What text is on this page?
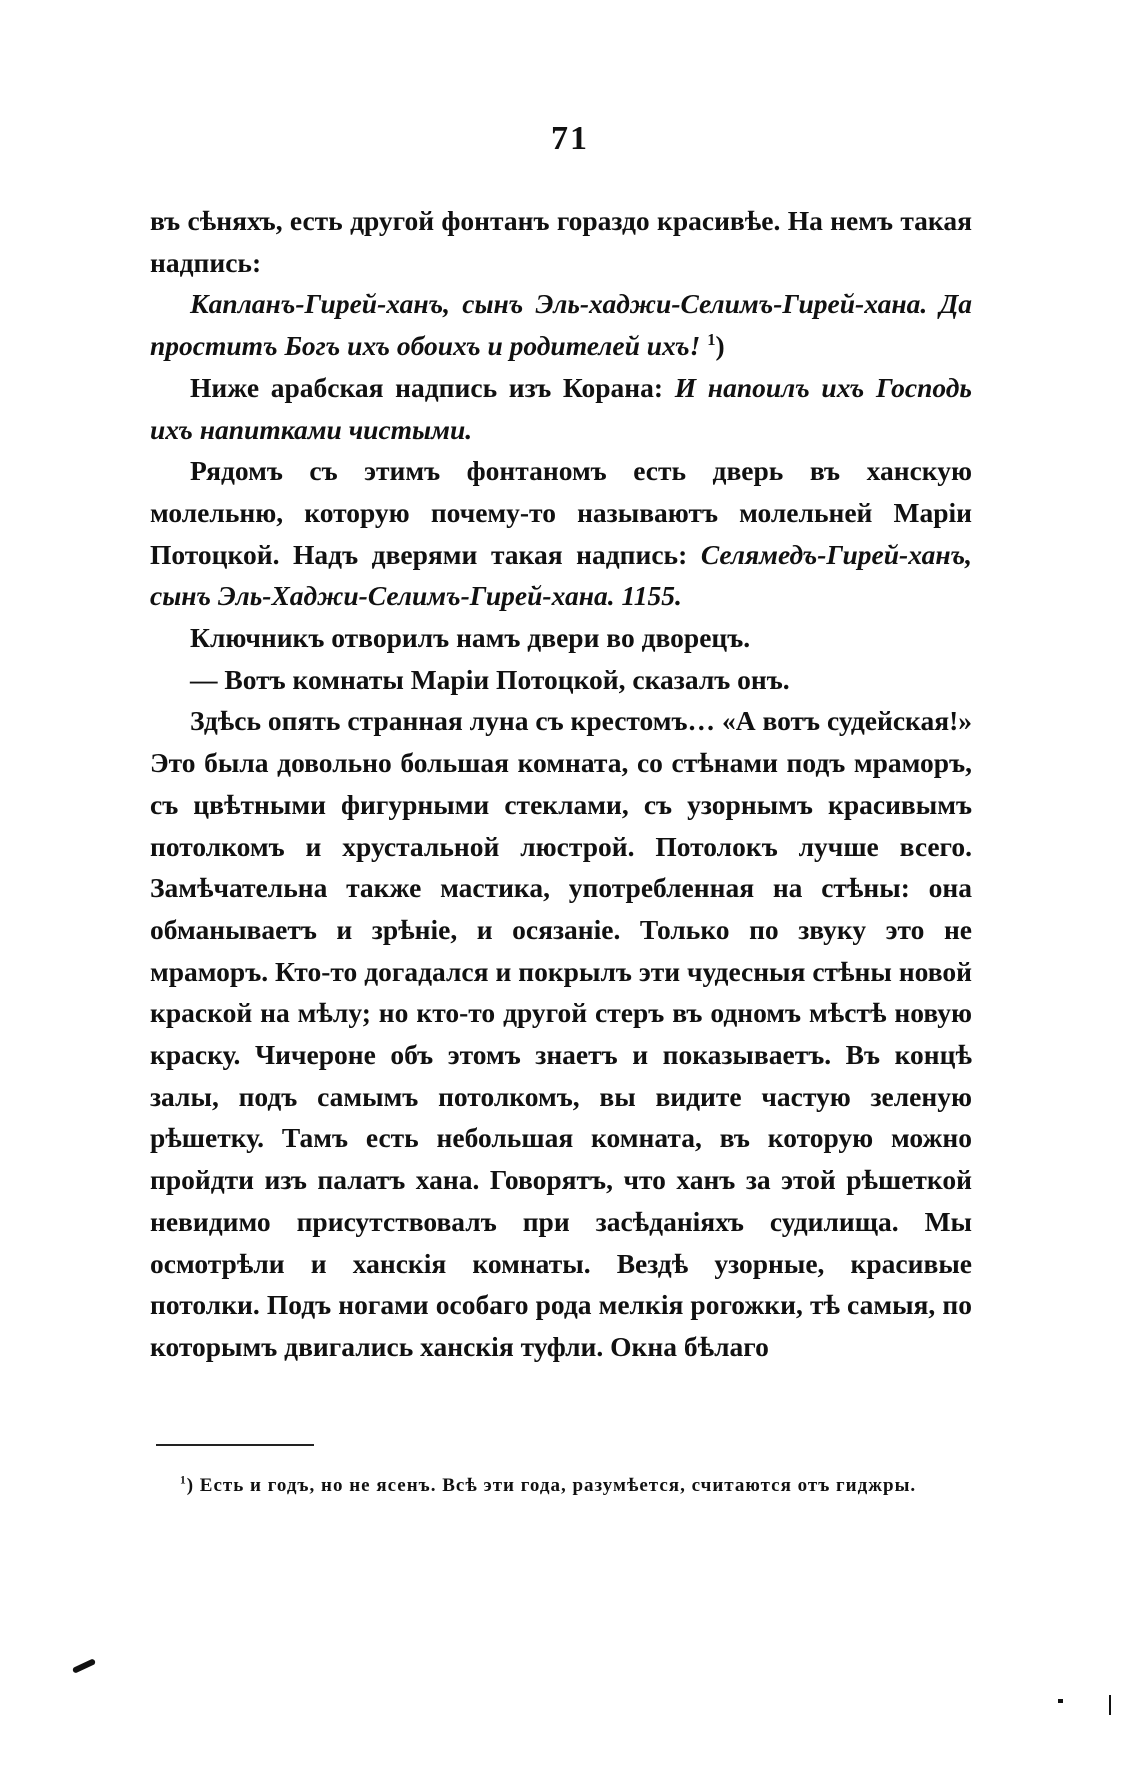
71

въ сѣняхъ, есть другой фонтанъ гораздо красивѣе. На немъ такая надпись:

Капланъ-Гирей-ханъ, сынъ Эль-хаджи-Селимъ-Гирей-хана. Да проститъ Богъ ихъ обоихъ и родителей ихъ! $^1$)

Ниже арабская надпись изъ Корана: И напоилъ ихъ Господь ихъ напитками чистыми.

Рядомъ съ этимъ фонтаномъ есть дверь въ ханскую молельню, которую почему-то называютъ молельней Маріи Потоцкой. Надъ дверями такая надпись: Селямедъ-Гирей-ханъ, сынъ Эль-Хаджи-Селимъ-Гирей-хана. 1155.

Ключникъ отворилъ намъ двери во дворецъ.

— Вотъ комнаты Маріи Потоцкой, сказалъ онъ.

Здѣсь опять странная луна съ крестомъ… «А вотъ судейская!» Это была довольно большая комната, со стѣнами подъ мраморъ, съ цвѣтными фигурными стеклами, съ узорнымъ красивымъ потолкомъ и хрустальной люстрой. Потолокъ лучше всего. Замѣчательна также мастика, употребленная на стѣны: она обманываетъ и зрѣніе, и осязаніе. Только по звуку это не мраморъ. Кто-то догадался и покрылъ эти чудесныя стѣны новой краской на мѣлу; но кто-то другой стеръ въ одномъ мѣстѣ новую краску. Чичероне объ этомъ знаетъ и показываетъ. Въ концѣ залы, подъ самымъ потолкомъ, вы видите частую зеленую рѣшетку. Тамъ есть небольшая комната, въ которую можно пройдти изъ палатъ хана. Говорятъ, что ханъ за этой рѣшеткой невидимо присутствовалъ при засѣданіяхъ судилища. Мы осмотрѣли и ханскія комнаты. Вездѣ узорные, красивые потолки. Подъ ногами особаго рода мелкія рогожки, тѣ самыя, по которымъ двигались ханскія туфли. Окна бѣлаго

$^1$) Есть и годъ, но не ясенъ. Всѣ эти года, разумѣется, считаются отъ гиджры.
